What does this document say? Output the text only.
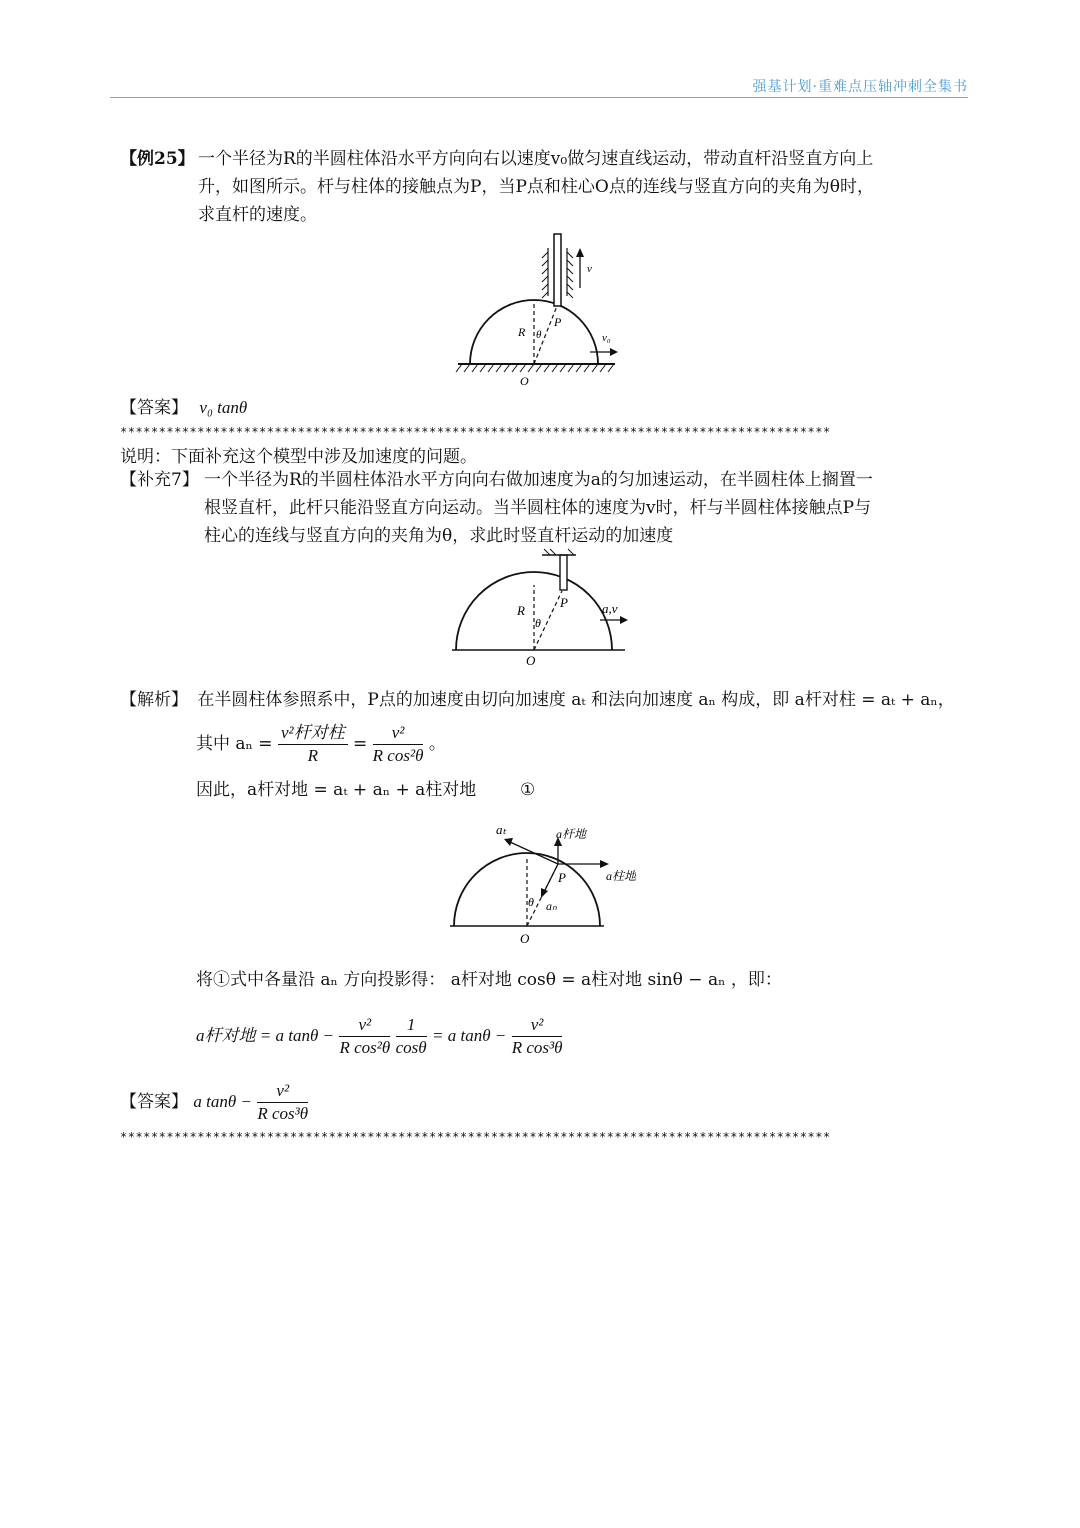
强基计划·重难点压轴冲刺全集书
【例25】 一个半径为R的半圆柱体沿水平方向向右以速度v₀做匀速直线运动，带动直杆沿竖直方向上
升，如图所示。杆与柱体的接触点为P，当P点和柱心O点的连线与竖直方向的夹角为θ时，
求直杆的速度。
v
v₀
R θ
P
O
【答案】 v₀ tanθ
********************************************************************************************
说明：下面补充这个模型中涉及加速度的问题。
【补充7】 一个半径为R的半圆柱体沿水平方向向右做加速度为a的匀加速运动，在半圆柱体上搁置一
根竖直杆，此杆只能沿竖直方向运动。当半圆柱体的速度为v时，杆与半圆柱体接触点P与
柱心的连线与竖直方向的夹角为θ，求此时竖直杆运动的加速度
a,v
R
θ
P
O
【解析】 在半圆柱体参照系中，P点的加速度由切向加速度 aₜ 和法向加速度 aₙ 构成，即 a杆对柱 = aₜ + aₙ，
其中 $a_n = \frac{\text{v²杆对柱}}{R} = \frac{\text{v²}}{\text{R cos²θ}}$ 。
因此，a杆对地 = aₜ + aₙ + a柱对地	①
aₜ	a杆地
a柱地
P
θ aₙ
O
将①式中各量沿 aₙ 方向投影得： a杆对地 cosθ = a柱对地 sinθ − aₙ ，即：
a杆对地 = a $\tan\theta - \frac{\text{v²}}{\text{R cos²θ}}$
$\frac{1}{\cos\theta} = a$ $\tan\theta - \frac{\text{v²}}{\text{R cos³θ}}$
【答案】 a $\tan\theta - \frac{\text{v²}}{\text{R cos³θ}}$
********************************************************************************************
